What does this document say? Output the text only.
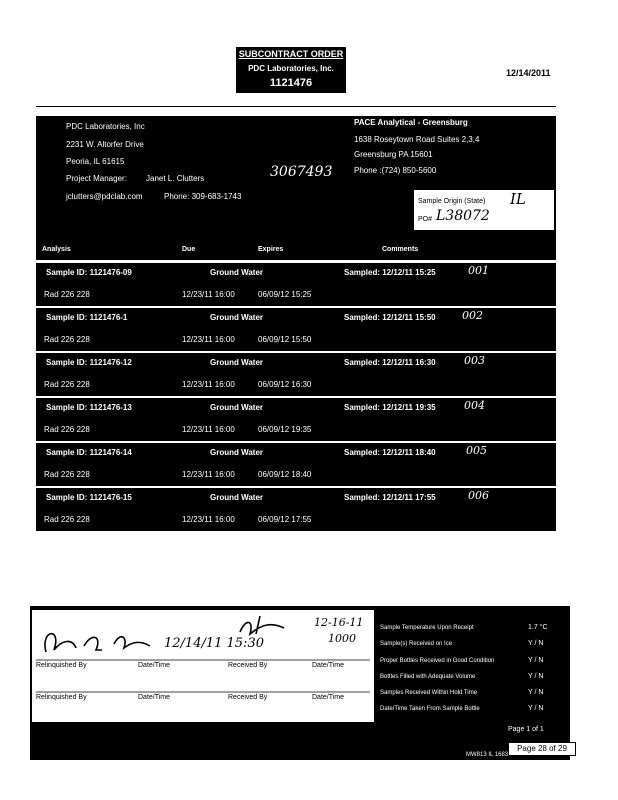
SUBCONTRACT ORDER
PDC Laboratories, Inc.
1121476
12/14/2011
PDC Laboratories, Inc
2231 W. Altorfer Drive
Peoria, IL 61615
Project Manager: Janet L. Clutters
jclutters@pdclab.com	Phone: 309-683-1743
PACE Analytical - Greensburg
1638 Roseytown Road Suites 2,3,4
Greensburg PA 15601
Phone :(724) 850-5600
3067493
Sample Origin (State) IL
PO# L38072
Analysis	Due	Expires	Comments
Sample ID: 1121476-09	Ground Water	Sampled: 12/12/11 15:25	001
Rad 226 228	12/23/11 16:00	06/09/12 15:25
Sample ID: 1121476-1	Ground Water	Sampled: 12/12/11 15:50 002
Rad 226 228	12/23/11 16:00	06/09/12 15:50
Sample ID: 1121476-12	Ground Water	Sampled: 12/12/11 16:30	003
Rad 226 228	12/23/11 16:00	06/09/12 16:30
Sample ID: 1121476-13	Ground Water	Sampled: 12/12/11 19:35	004
Rad 226 228	12/23/11 16:00	06/09/12 19:35
Sample ID: 1121476-14	Ground Water	Sampled: 12/12/11 18:40	005
Rad 226 228	12/23/11 16:00	06/09/12 18:40
Sample ID: 1121476-15	Ground Water	Sampled: 12/12/11 17:55	006
Rad 226 228	12/23/11 16:00	06/09/12 17:55
12/14/11 15:30
12-16-11
1000
Relinquished By	Date/Time	Received By	Date/Time
Relinquished By	Date/Time	Received By	Date/Time
Sample Temperature Upon Receipt	1.7 °C
Sample(s) Received on Ice	Y / N
Proper Bottles Received in Good Condition	Y / N
Bottles Filled with Adequate Volume	Y / N
Samples Received Within Hold Time	Y / N
Date/Time Taken From Sample Bottle	Y / N
Page 1 of 1
MW813 IL 1683
Page 28 of 29
